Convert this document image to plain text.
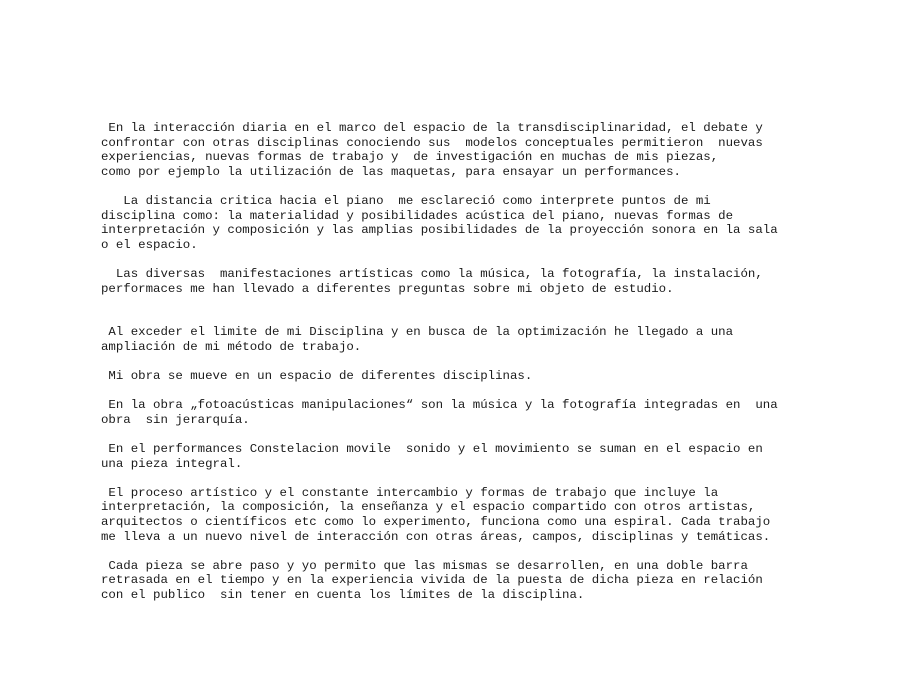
En la interacción diaria en el marco del espacio de la transdisciplinaridad, el debate y
confrontar con otras disciplinas conociendo sus  modelos conceptuales permitieron  nuevas
experiencias, nuevas formas de trabajo y  de investigación en muchas de mis piezas,
como por ejemplo la utilización de las maquetas, para ensayar un performances.
La distancia critica hacia el piano  me esclareció como interprete puntos de mi
disciplina como: la materialidad y posibilidades acústica del piano, nuevas formas de
interpretación y composición y las amplias posibilidades de la proyección sonora en la sala
o el espacio.
Las diversas  manifestaciones artísticas como la música, la fotografía, la instalación,
performaces me han llevado a diferentes preguntas sobre mi objeto de estudio.
Al exceder el limite de mi Disciplina y en busca de la optimización he llegado a una
ampliación de mi método de trabajo.
Mi obra se mueve en un espacio de diferentes disciplinas.
En la obra „fotoacústicas manipulaciones“ son la música y la fotografía integradas en  una
obra  sin jerarquía.
En el performances Constelacion movile  sonido y el movimiento se suman en el espacio en
una pieza integral.
El proceso artístico y el constante intercambio y formas de trabajo que incluye la
interpretación, la composición, la enseñanza y el espacio compartido con otros artistas,
arquitectos o científicos etc como lo experimento, funciona como una espiral. Cada trabajo
me lleva a un nuevo nivel de interacción con otras áreas, campos, disciplinas y temáticas.
Cada pieza se abre paso y yo permito que las mismas se desarrollen, en una doble barra
retrasada en el tiempo y en la experiencia vivida de la puesta de dicha pieza en relación
con el publico  sin tener en cuenta los límites de la disciplina.
